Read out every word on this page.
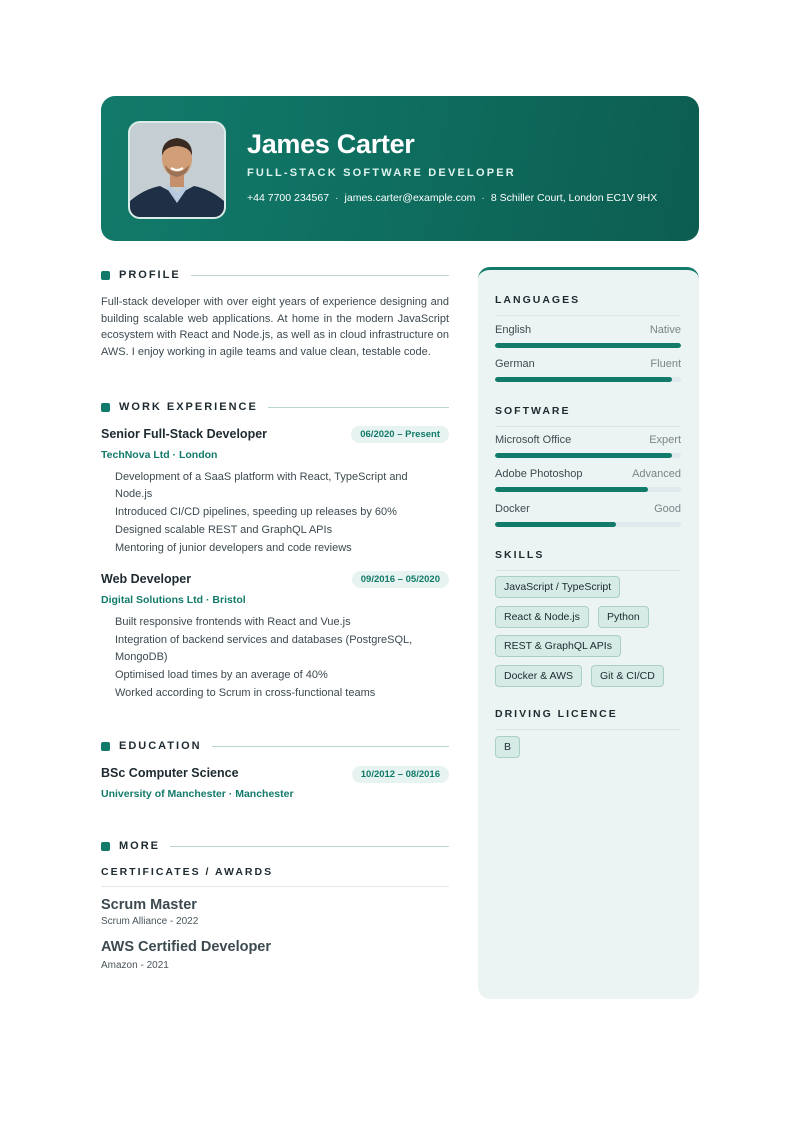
James Carter
FULL-STACK SOFTWARE DEVELOPER
+44 7700 234567 · james.carter@example.com · 8 Schiller Court, London EC1V 9HX
PROFILE
Full-stack developer with over eight years of experience designing and building scalable web applications. At home in the modern JavaScript ecosystem with React and Node.js, as well as in cloud infrastructure on AWS. I enjoy working in agile teams and value clean, testable code.
WORK EXPERIENCE
Senior Full-Stack Developer	06/2020 – Present
TechNova Ltd · London
Development of a SaaS platform with React, TypeScript and Node.js
Introduced CI/CD pipelines, speeding up releases by 60%
Designed scalable REST and GraphQL APIs
Mentoring of junior developers and code reviews
Web Developer	09/2016 – 05/2020
Digital Solutions Ltd · Bristol
Built responsive frontends with React and Vue.js
Integration of backend services and databases (PostgreSQL, MongoDB)
Optimised load times by an average of 40%
Worked according to Scrum in cross-functional teams
EDUCATION
BSc Computer Science	10/2012 – 08/2016
University of Manchester · Manchester
MORE
CERTIFICATES / AWARDS
Scrum Master
Scrum Alliance - 2022
AWS Certified Developer
Amazon - 2021
LANGUAGES
English	Native
German	Fluent
SOFTWARE
Microsoft Office	Expert
Adobe Photoshop	Advanced
Docker	Good
SKILLS
JavaScript / TypeScript
React & Node.js	Python
REST & GraphQL APIs
Docker & AWS	Git & CI/CD
DRIVING LICENCE
B
